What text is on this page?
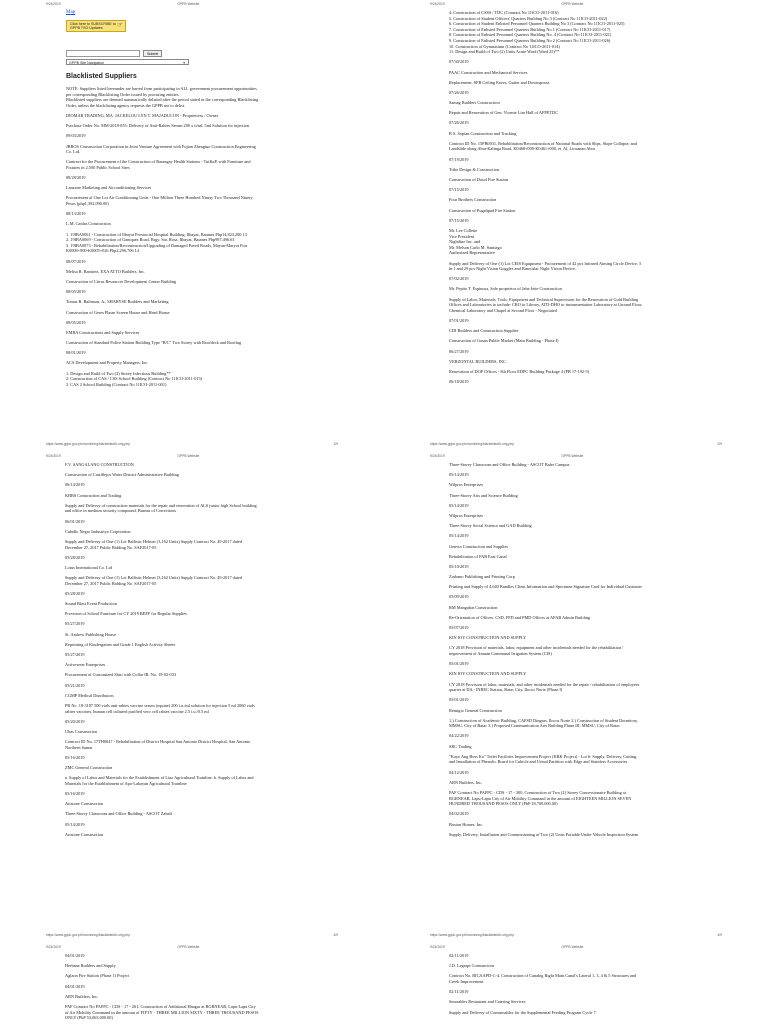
9/24/2019	GPPB Website
Map
Click here to SUBSCRIBE to GPPB TSO Updates ☞
Submit
GPPB Site Navigation	▾
Blacklisted Suppliers
NOTE: Suppliers listed hereunder are barred from participating in ALL government procurement opportunities
per corresponding Blacklisting Order issued by procuring entities.
Blacklisted suppliers are deemed automatically delisted after the period stated in the corresponding Blacklisting
Order, unless the blacklisting agency requests the GPPB not to delist.
DIOMAR TRADING, MA. JACKELOU LYN T. MAJADUCON - Proprietress / Owner
Purchase Order No. MM-2018-055: Delivery of Anti-Rabies Serum 200 x ti/ml, 5ml Solution for injection
09/03/2019
JBROS Construction Corporation in Joint Venture Agreement with Fujian Zhengtuo Construction Engineering
Co. Ltd.
Contract for the Procurement of the Construction of Barangay Health Stations - TutKaP, with Furniture and
Fixtures in 2,500 Public School Sites
08/28/2019
Lanzaire Marketing and Airconditioning Services
Procurement of One Lot Air Conditioning Units - One Million Three Hundred Ninety Two Thousand Ninety
Pesos (php1,392,090.00)
08/13/2019
L.M. Canlas Construction
1. 19IBA0061 - Construction of Ilbayat Provincial Hospital Building, Ilbayat, Batanes Php14,823,200.13
2. 19IBA0069 - Construction of Ganiquez Road, Brgy. Sta. Rosa, Ilbayat, Batanes Php987,496.63
3. 19IBA0073 - Rehabilitation/Reconstruction/Upgrading of Damaged Paved Roads, Mayan-Maryot Port
K0008+900-K0005+026 Php2,296,706.14
08/07/2019
Melisa R. Ramirez, EXA ATTO Builders, Inc.
Construction of Citrus Resources Development Center Building
08/05/2019
Tomas B. Bathman, Jr., SHARYSE Builders and Marketing
Construction of Germ Plasm Screen House and Head House
08/05/2019
EMRA Constructions and Supply Services
Construction of Standard Police Station Building Type "B/C" Two Storey with Roofdeck and Roofing
08/01/2019
ACS Development and Property Managers, Inc
1. Design and Build of Two (2) Storey Infectious Building**
2. Construction of CAS / CSS School Building (Contract No 11ICO-2011-015)
3. CAS 2 School Building (Contract No 11ICO-2011-001)
https://www.gppb.gov.ph/monitoring/blacklisted/b-orig.php	1/9
9/24/2019	GPPB Website
4. Construction of CSSS / TDC (Contract No 11ICO-2011-016)
5. Construction of Student Officers' Quarters Building No 3 (Contract No 11ICO-2011-022)
6. Construction of Student Enlisted Personnel Quarters Building No 3 (Contract No 11ICO-2011-025)
7. Construction of Enlisted Personnel Quarters Building No 1 (Contract No 11ICO-2011-017)
8. Construction of Enlisted Personnel Quarters Building No. 4 (Contract No 11ICO-2011-021)
9. Construction of Enlisted Personnel Quarters Building No 2 (Contract No 11ICO-2011-026)
10. Construction of Gymnasium (Contract No 11ICO-2011-014)
11. Design and Build of Two (2) Units Acute Ward (Ward 25)**
07/30/2019
PAAC Construction and Mechanical Services
Replacement: SFB Ceiling Eaves, Gutter and Downspouts
07/26/2019
Samag Builders Construction
Repair and Renovation of Gen. Vicente Lim Hall of AFPETDC
07/26/2019
R.S. Sopian Construction and Trucking
Contract ID No. 15PB0031, Rehabilitation/Reconstruction of National Roads with Slips, Slope Collapse, and
Landslide along Abra-Kalinga Road, K0468+000-K0461+000, et. Al, Licuanan Abra
07/19/2019
Tribe Design & Construction
Construction of Dasol Fire Station
07/15/2019
Four Brothers Construction
Construction of Pugalipad Fire Station
07/15/2019
Mr. Lee Collette
Vice President
Nightline Inc. and
Mr. Melson Carlo M. Santiago
Authorized Representative
Supply and Delivery of One (1) Lot CEIS Equipment - Procurement of 42 pcs Infrared Aiming Circle Device, 5
in 1 and 29 pcs Night Vision Goggles and Binocular Night Vision Device.
07/02/2019
Mr. Pepito T. Espinosa, Sole proprietor of Jabe Jette Construction
Supply of Labor, Materials, Tools, Equipment and Technical Supervision for the Renovation of Gold Building
Offices and Laboratories to include: CRO to Library, ATD-DHO to instrumentation Laboratory at Ground Floor,
Chemical Laboratory and Chapel at Second Floor - Negotiated
07/01/2019
CDI Builders and Construction Supplies
Construction of Gasan Public Market (Main Building - Phase I)
06/27/2019
VERZONTAL BUILDERS, INC.
Renovation of DOF Offices - 8th Floor EDPC Building Package 4 (PB 17-192-5)
06/18/2019
https://www.gppb.gov.ph/monitoring/blacklisted/b-orig.php	2/9
9/24/2019	GPPB Website
F.V. SANGALANG CONSTRUCTION
Construction of Castillejos Water District Administrative Building
06/14/2019
KBBS Construction and Trading
Supply and Delivery of construction materials for the repair and renovation of ALS junior high School building
and office in medium security compound, Bureau of Corrections
06/01/2019
Caballo Negro Industriya Corporation
Supply and Delivery of One (1) Lot Ballistic Helmet (3,162 Units) Supply Contract No. 49-2017 dated
December 27, 2017 Public Bidding No. SAF2017-05
05/28/2019
Lotus International Co. Ltd
Supply and Delivery of One (1) Lot Ballistic Helmet (3,162 Units) Supply Contract No. 49-2017 dated
December 27, 2017 Public Bidding No. SAF2017-05
05/28/2019
Sound Blast Event Production
Provision of School Furniture for CY 2019 BEFF for Regular Supplies
05/27/2019
St. Andrew Publishing House
Reprinting of Kindergarten and Grade 1 English Activity Sheets
05/27/2019
Activewear Enterprises
Procurement of Customized Shirt with Collar IB. No. 19-02-033
05/21/2019
CGMP Medical Distributors
PR No. 18-3187 500 vials anti-rabies vaccine serum (equine) 200 i.u./ml solution for injection 5 ml 2060 vials
rabies vaccines, human cell cultured purified vero cell rabies vaccine 2.5 i.u./0.5 ml
05/20/2019
Ubas Construction
Contract ID No. 17TH0047 - Rehabilitation of District Hospital San Antonio District Hospital, San Antonio
Northern Samar
05/16/2019
ZMC General Construction
a. Supply of Labor and Materials for the Establishment of Liao Agricultural Trainline. b. Supply of Labor and
Materials for the Establishment of Apo-Labayan Agricultural Trainline
05/16/2019
Artstone Construction
Three-Storey Classroom and Office Building - ASCOT Zabali
05/14/2019
Artstone Construction
https://www.gppb.gov.ph/monitoring/blacklisted/b-orig.php	3/9
9/24/2019	GPPB Website
Three-Storey Classroom and Office Building - ASCOT Baler Campus
05/14/2019
Wilpros Enterprises
Three-Storey Arts and Science Building
05/14/2019
Wilpros Enterprises
Three-Storey Social Science and GAD Building
05/14/2019
Genvin Construction and Supplies
Rehabilitation of FAB East Canal
05/10/2019
Zurbano Publishing and Printing Corp
Printing and Supply of 4,640 Bundles Client Information and Specimen Signature Card for Individual Customer
05/09/2019
RM Mangubat Construction
Re-Orientation of Offices: CSD, FFD and PMD Offices at AFAB Admin Building
05/07/2019
KIN IOY CONSTRUCTION AND SUPPLY
CY 2018 Provision of materials, labor, equipment and other incidentals needed for the rehabilitation /
improvement of Amuan Communal Irrigation System (CIS)
05/01/2019
KIN IOY CONSTRUCTION AND SUPPLY
CY 2018 Provision of labor, materials, and other incidentals needed for the repair / rehabilitation of employees
quarter at DA - INREC Station, Batac City, Ilocos Norte (Phase I)
05/01/2019
Remigio General Construction
1.) Construction of Academic Building, CAFSD Dingras, Ilocos Norte 2.) Construction of Student Dormitory,
MMSU, City of Batac 3.) Proposed Communication Arts Building Phase III, MMSU, City of Batac
04/22/2019
SRC Trading
"Kayo Ang Boss Ko" Toilet Facilities Improvement Project (KBK Project) - Lot 6: Supply, Delivery, Cutting,
and Installation of Phenolic Board for Cubicle and Urinal Partition with Edge and Stainless Accessories
04/12/2019
ARN Builders, Inc.
PAF Contract No PAFPC - CDS - 17 - 300, Construction of Two (2) Storey Concessionaire Building at
BGBNEAB, Lapu-Lapu City of Air Mobility Command in the amount of EIGHTEEN MILLION SEVEN
HUNDRED THOUSAND PESOS ONLY (PhP 18,700,000.00)
04/02/2019
Boston Homes, Inc.
Supply, Delivery, Installation and Commissioning of Two (2) Units Portable Under Vehicle Inspection System
https://www.gppb.gov.ph/monitoring/blacklisted/b-orig.php	4/9
9/24/2019	GPPB Website
04/01/2019
Herbana Builders and Supply
Aglaon Fire Station (Phase 1) Project
04/01/2019
ARN Builders, Inc.
PAF Contract No PAFPC - CDS - 17 - 261, Construction of Additional Hangar at BGBNEAB, Lapu-Lapu City
of Air Mobility Command in the amount of FIFTY - THREE MILLION SIXTY - THREE THOUSAND PESOS
ONLY (PhP 53,063,000.00)
9/24/2019	GPPB Website
02/11/2019
J.D. Legaspi Construction
Contract No. BICAAPD-C-4, Construction of Canabig Right Main Canal's Lateral 1, 3, 4 & 5 Structures and
Creek Improvement
02/11/2019
Smorables Restaurant and Catering Services
Supply and Delivery of Consumables for the Supplemental Feeding Program Cycle 7
